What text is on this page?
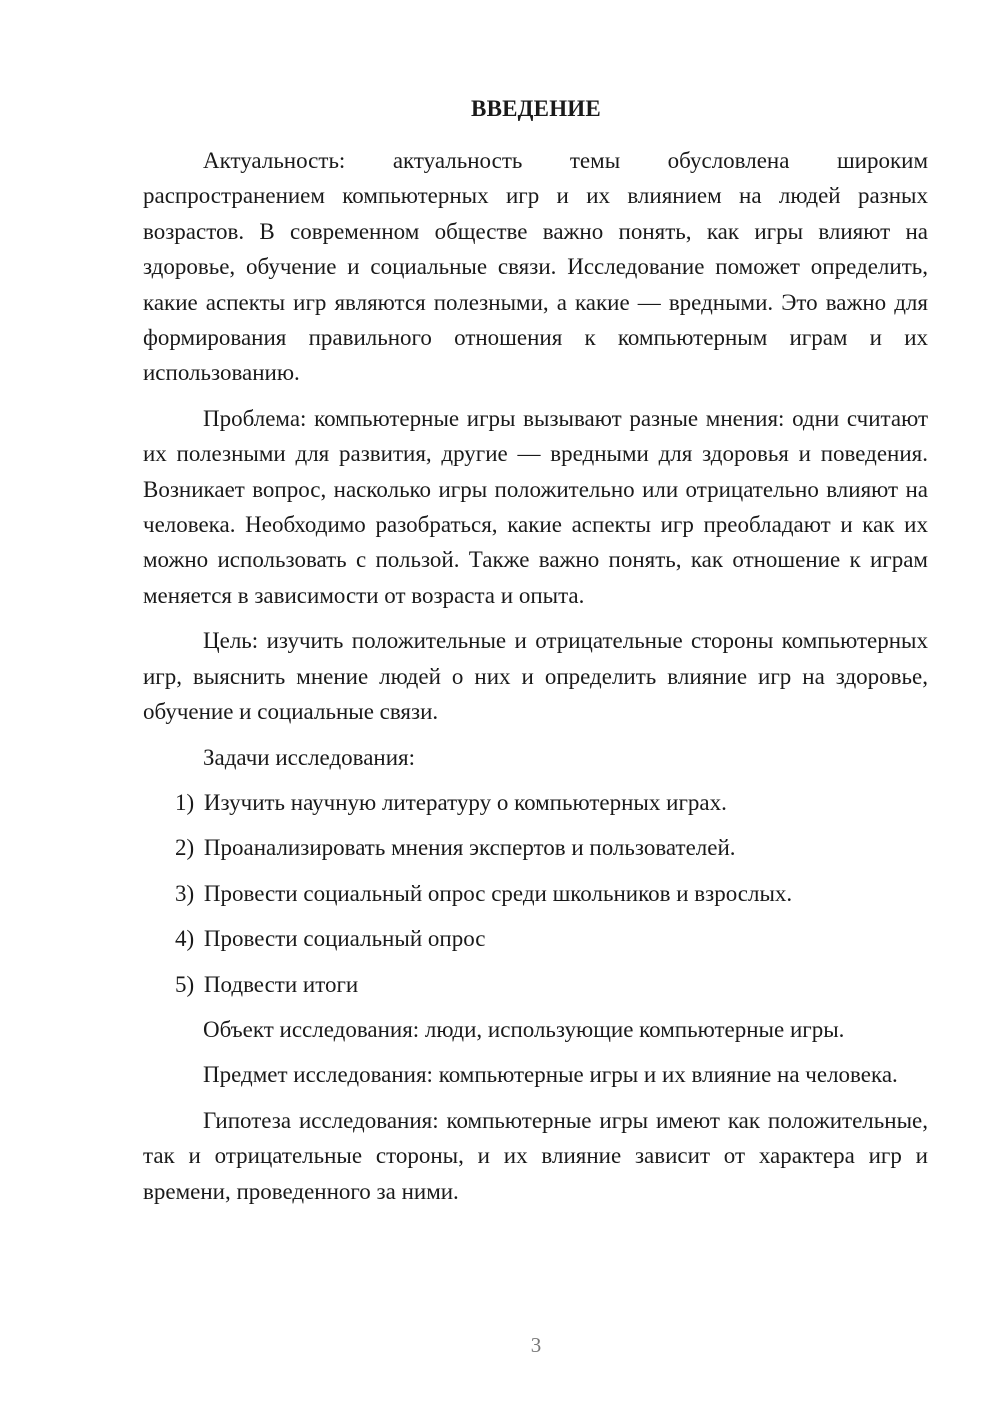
ВВЕДЕНИЕ

Актуальность: актуальность темы обусловлена широким распространением компьютерных игр и их влиянием на людей разных возрастов. В современном обществе важно понять, как игры влияют на здоровье, обучение и социальные связи. Исследование поможет определить, какие аспекты игр являются полезными, а какие — вредными. Это важно для формирования правильного отношения к компьютерным играм и их использованию.

Проблема: компьютерные игры вызывают разные мнения: одни считают их полезными для развития, другие — вредными для здоровья и поведения. Возникает вопрос, насколько игры положительно или отрицательно влияют на человека. Необходимо разобраться, какие аспекты игр преобладают и как их можно использовать с пользой. Также важно понять, как отношение к играм меняется в зависимости от возраста и опыта.

Цель: изучить положительные и отрицательные стороны компьютерных игр, выяснить мнение людей о них и определить влияние игр на здоровье, обучение и социальные связи.

Задачи исследования:

1) Изучить научную литературу о компьютерных играх.

2) Проанализировать мнения экспертов и пользователей.

3) Провести социальный опрос среди школьников и взрослых.

4) Провести социальный опрос

5) Подвести итоги

Объект исследования: люди, использующие компьютерные игры.

Предмет исследования: компьютерные игры и их влияние на человека.

Гипотеза исследования: компьютерные игры имеют как положительные, так и отрицательные стороны, и их влияние зависит от характера игр и времени, проведенного за ними.

3
